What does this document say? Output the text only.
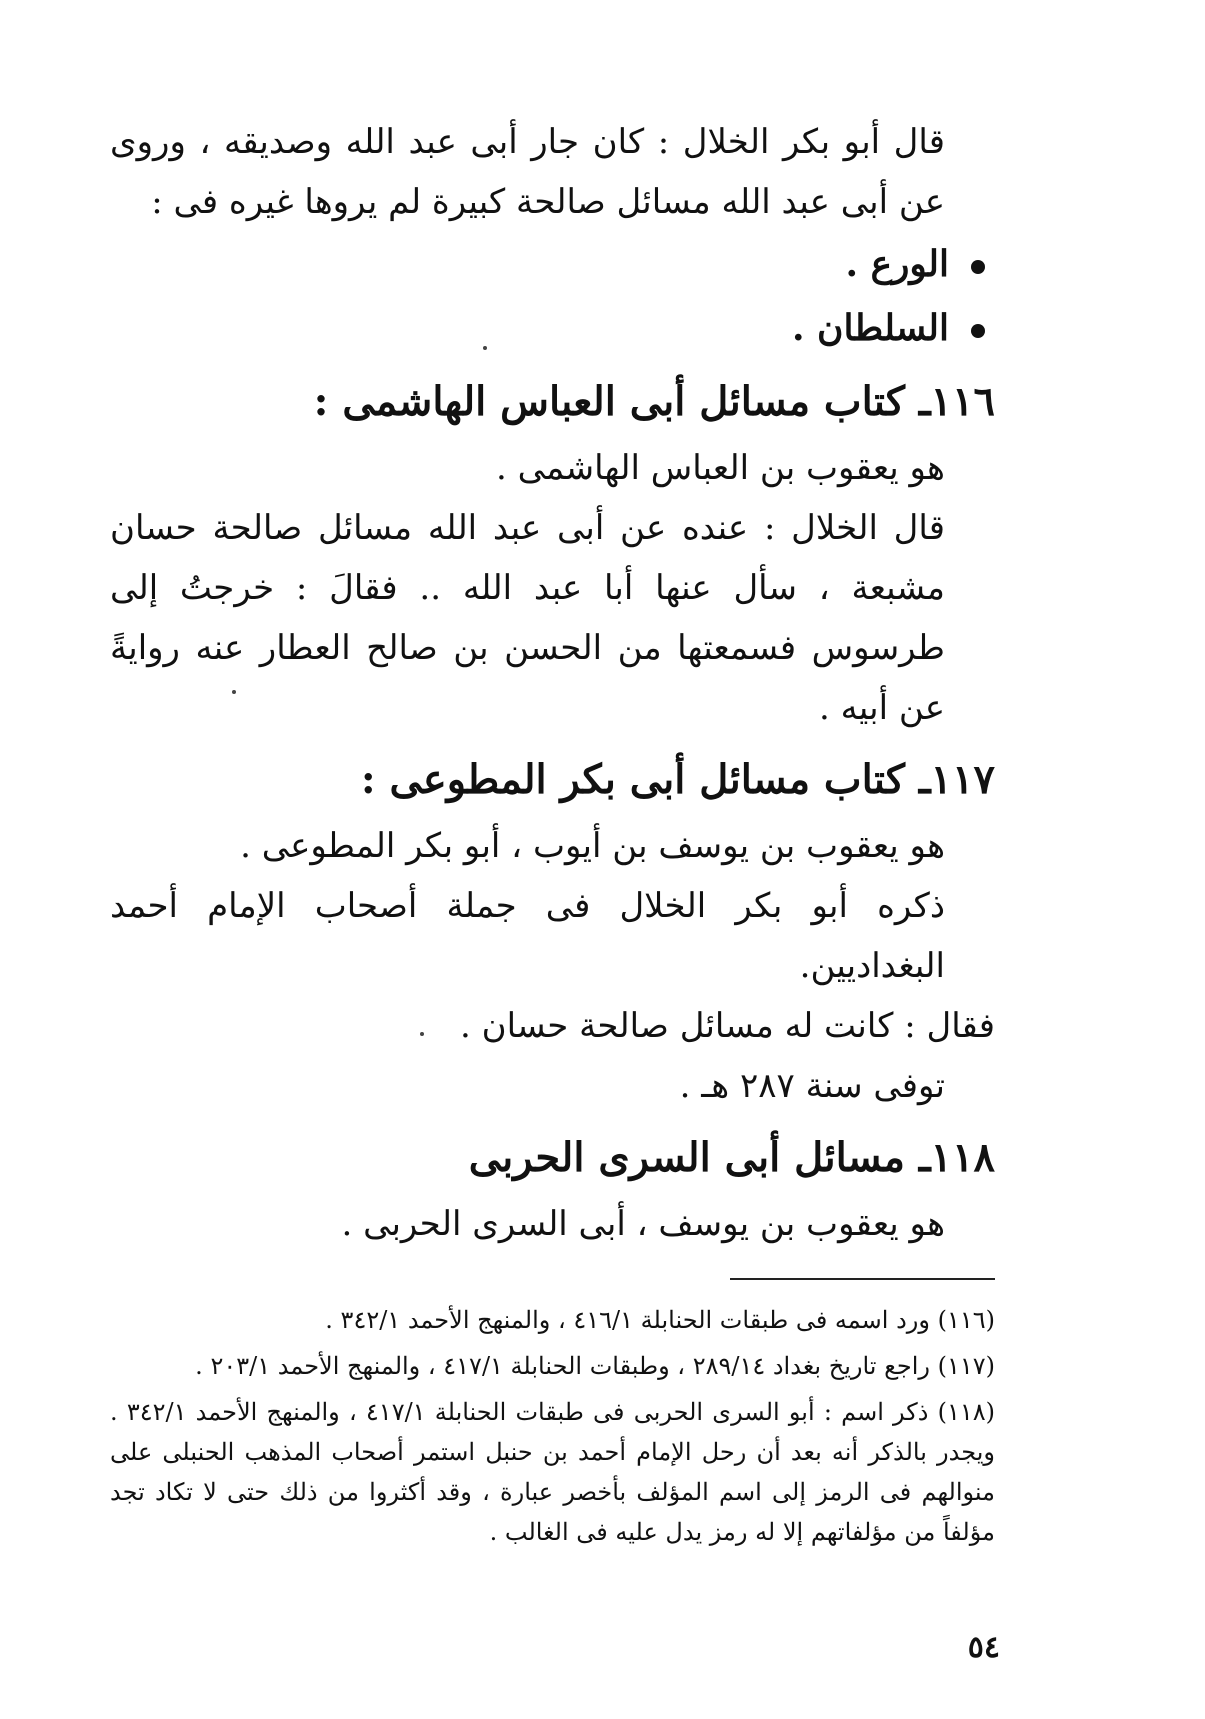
قال أبو بكر الخلال : كان جار أبى عبد الله وصديقه ، وروى عن أبى عبد الله مسائل صالحة كبيرة لم يروها غيره فى :

الورع .

السلطان .

١١٦ـ كتاب مسائل أبى العباس الهاشمى :

هو يعقوب بن العباس الهاشمى .

قال الخلال : عنده عن أبى عبد الله مسائل صالحة حسان مشبعة ، سأل عنها أبا عبد الله .. فقالَ : خرجتُ إلى طرسوس فسمعتها من الحسن بن صالح العطار عنه روايةً عن أبيه .

١١٧ـ كتاب مسائل أبى بكر المطوعى :

هو يعقوب بن يوسف بن أيوب ، أبو بكر المطوعى .

ذكره أبو بكر الخلال فى جملة أصحاب الإمام أحمد البغداديين.

فقال : كانت له مسائل صالحة حسان .

توفى سنة ٢٨٧ هـ .

١١٨ـ مسائل أبى السرى الحربى

هو يعقوب بن يوسف ، أبى السرى الحربى .

(١١٦) ورد اسمه فى طبقات الحنابلة ٤١٦/١ ، والمنهج الأحمد ٣٤٢/١ .

(١١٧) راجع تاريخ بغداد ٢٨٩/١٤ ، وطبقات الحنابلة ٤١٧/١ ، والمنهج الأحمد ٢٠٣/١ .

(١١٨) ذكر اسم : أبو السرى الحربى فى طبقات الحنابلة ٤١٧/١ ، والمنهج الأحمد ٣٤٢/١ . ويجدر بالذكر أنه بعد أن رحل الإمام أحمد بن حنبل استمر أصحاب المذهب الحنبلى على منوالهم فى الرمز إلى اسم المؤلف بأخصر عبارة ، وقد أكثروا من ذلك حتى لا تكاد تجد مؤلفاً من مؤلفاتهم إلا له رمز يدل عليه فى الغالب .

٥٤
